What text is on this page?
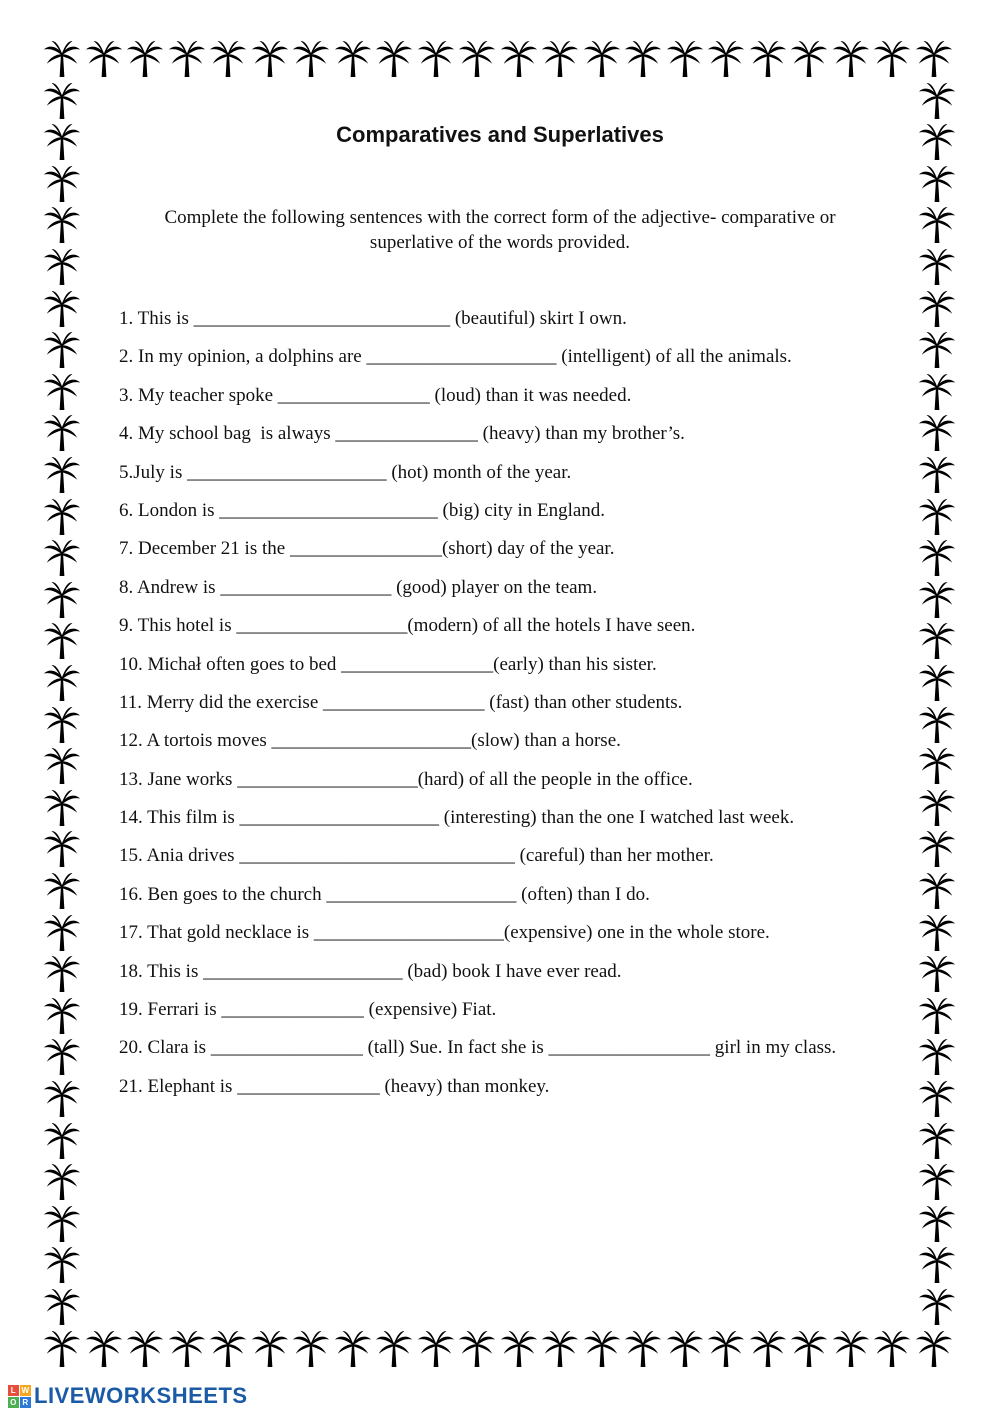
Comparatives and Superlatives
Complete the following sentences with the correct form of the adjective- comparative or superlative of the words provided.
1. This is ___________________________ (beautiful) skirt I own.
2. In my opinion, a dolphins are ____________________ (intelligent) of all the animals.
3. My teacher spoke ________________ (loud) than it was needed.
4. My school bag  is always _______________ (heavy) than my brother’s.
5.July is _____________________ (hot) month of the year.
6. London is _______________________ (big) city in England.
7. December 21 is the ________________(short) day of the year.
8. Andrew is __________________ (good) player on the team.
9. This hotel is __________________(modern) of all the hotels I have seen.
10. Michał often goes to bed ________________(early) than his sister.
11. Merry did the exercise _________________ (fast) than other students.
12. A tortois moves _____________________(slow) than a horse.
13. Jane works ___________________(hard) of all the people in the office.
14. This film is _____________________ (interesting) than the one I watched last week.
15. Ania drives _____________________________ (careful) than her mother.
16. Ben goes to the church ____________________ (often) than I do.
17. That gold necklace is ____________________(expensive) one in the whole store.
18. This is _____________________ (bad) book I have ever read.
19. Ferrari is _______________ (expensive) Fiat.
20. Clara is ________________ (tall) Sue. In fact she is _________________ girl in my class.
21. Elephant is _______________ (heavy) than monkey.
L W
O R LIVEWORKSHEETS
